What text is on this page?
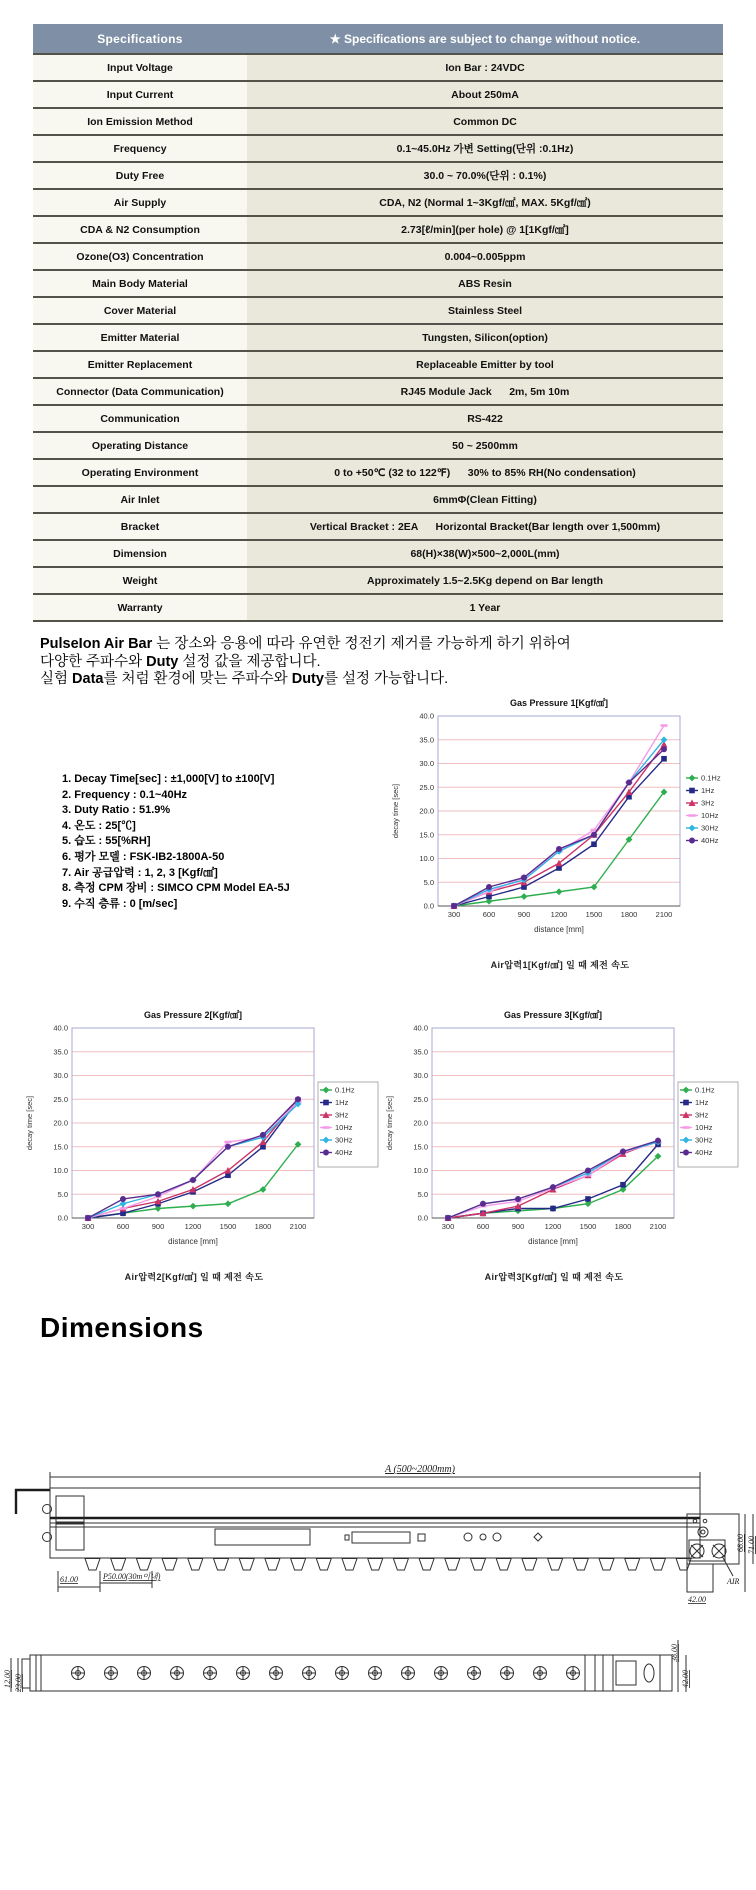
Specifications	★ Specifications are subject to change without notice.
Input Voltage	Ion Bar : 24VDC
Input Current	About 250mA
Ion Emission Method	Common DC
Frequency	0.1~45.0Hz 가변 Setting(단위 :0.1Hz)
Duty Free	30.0 ~ 70.0%(단위 : 0.1%)
Air Supply	CDA, N2 (Normal 1~3Kgf/㎠, MAX. 5Kgf/㎠)
CDA & N2 Consumption	2.73[ℓ/min](per hole) @ 1[1Kgf/㎠]
Ozone(O3) Concentration	0.004~0.005ppm
Main Body Material	ABS Resin
Cover Material	Stainless Steel
Emitter Material	Tungsten, Silicon(option)
Emitter Replacement	Replaceable Emitter by tool
Connector (Data Communication)	RJ45 Module Jack      2m, 5m 10m
Communication	RS-422
Operating Distance	50 ~ 2500mm
Operating Environment	0 to +50℃ (32 to 122℉)      30% to 85% RH(No condensation)
Air Inlet	6mmΦ(Clean Fitting)
Bracket	Vertical Bracket : 2EA      Horizontal Bracket(Bar length over 1,500mm)
Dimension	68(H)×38(W)×500~2,000L(mm)
Weight	Approximately 1.5~2.5Kg depend on Bar length
Warranty	1 Year
PulseIon Air Bar 는 장소와 응용에 따라 유연한 정전기 제거를 가능하게 하기 위하여
다양한 주파수와 Duty 설정 값을 제공합니다.
실험 Data를 처럼 환경에 맞는 주파수와 Duty를 설정 가능합니다.
1. Decay Time[sec] : ±1,000[V] to ±100[V]
2. Frequency : 0.1~40Hz
3. Duty Ratio : 51.9%
4. 온도 : 25[℃]
5. 습도 : 55[%RH]
6. 평가 모델 : FSK-IB2-1800A-50
7. Air 공급압력 : 1, 2, 3 [Kgf/㎠]
8. 측정 CPM 장비 : SIMCO CPM Model EA-5J
9. 수직 층류 : 0 [m/sec]
Gas Pressure 1[Kgf/㎠]
0.0
5.0
10.0
15.0
20.0
25.0
30.0
35.0
40.0
300	600	900	1200 1500 1800 2100
distance [mm]
decay time [sec]
0.1Hz
1Hz
3Hz
10Hz
30Hz
40Hz
Air압력1[Kgf/㎠] 일 때 제전 속도
Gas Pressure 2[Kgf/㎠]
0.0
5.0
10.0
15.0
20.0
25.0
30.0
35.0
40.0
300	600	900	1200 1500 1800 2100
distance [mm]
decay time [sec]
0.1Hz
1Hz
3Hz
10Hz
30Hz
40Hz
Air압력2[Kgf/㎠] 일 때 제전 속도
Gas Pressure 3[Kgf/㎠]
0.0
5.0
10.0
15.0
20.0
25.0
30.0
35.0
40.0
300	600	900	1200 1500 1800 2100
distance [mm]
decay time [sec]
0.1Hz
1Hz
3Hz
10Hz
30Hz
40Hz
Air압력3[Kgf/㎠] 일 때 제전 속도
Dimensions
A (500~2000mm)
61.00	P50.00(30m이내)
68.00 71.00
42.00
AIR
12.00 23.00
38.00
42.00
